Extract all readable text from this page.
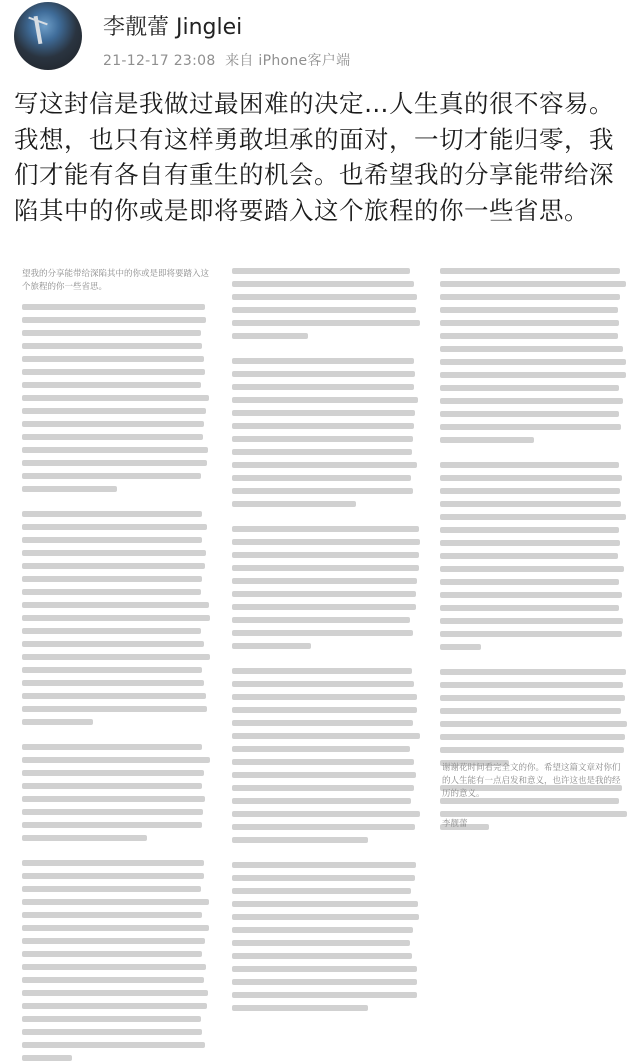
李靓蕾 Jinglei
21-12-17 23:08 来自 iPhone客户端
写这封信是我做过最困难的决定…人生真的很不容易。我想，也只有这样勇敢坦承的面对，一切才能归零，我们才能有各自有重生的机会。也希望我的分享能带给深陷其中的你或是即将要踏入这个旅程的你一些省思。
望我的分享能带给深陷其中的你或是即将要踏入这个旅程的你一些省思。
谢谢花时间看完全文的你。希望这篇文章对你们的人生能有一点启发和意义，也许这也是我的经历的意义。
李靓蕾
